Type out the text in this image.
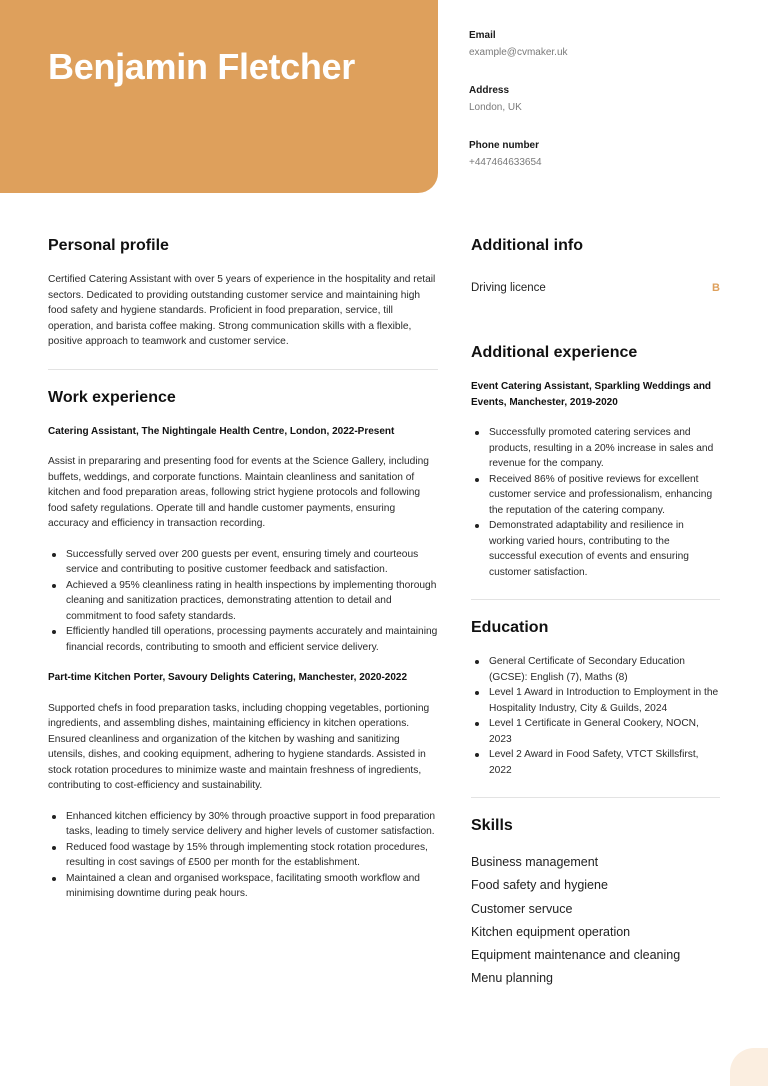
Benjamin Fletcher
Email
example@cvmaker.uk
Address
London, UK
Phone number
+447464633654
Personal profile

Certified Catering Assistant with over 5 years of experience in the hospitality and retail sectors. Dedicated to providing outstanding customer service and maintaining high food safety and hygiene standards. Proficient in food preparation, service, till operation, and barista coffee making. Strong communication skills with a flexible, positive approach to teamwork and customer service.

Work experience
Catering Assistant, The Nightingale Health Centre, London, 2022-Present

Assist in prepararing and presenting food for events at the Science Gallery, including buffets, weddings, and corporate functions. Maintain cleanliness and sanitation of kitchen and food preparation areas, following strict hygiene protocols and following food safety regulations. Operate till and handle customer payments, ensuring accuracy and efficiency in transaction recording.

Successfully served over 200 guests per event, ensuring timely and courteous service and contributing to positive customer feedback and satisfaction.
Achieved a 95% cleanliness rating in health inspections by implementing thorough cleaning and sanitization practices, demonstrating attention to detail and commitment to food safety standards.
Efficiently handled till operations, processing payments accurately and maintaining financial records, contributing to smooth and efficient service delivery.
Part-time Kitchen Porter, Savoury Delights Catering, Manchester, 2020-2022

Supported chefs in food preparation tasks, including chopping vegetables, portioning ingredients, and assembling dishes, maintaining efficiency in kitchen operations. Ensured cleanliness and organization of the kitchen by washing and sanitizing utensils, dishes, and cooking equipment, adhering to hygiene standards. Assisted in stock rotation procedures to minimize waste and maintain freshness of ingredients, contributing to cost-efficiency and sustainability.

Enhanced kitchen efficiency by 30% through proactive support in food preparation tasks, leading to timely service delivery and higher levels of customer satisfaction.
Reduced food wastage by 15% through implementing stock rotation procedures, resulting in cost savings of £500 per month for the establishment.
Maintained a clean and organised workspace, facilitating smooth workflow and minimising downtime during peak hours.
Additional info
Driving licence	B
Additional experience
Event Catering Assistant, Sparkling Weddings and Events, Manchester, 2019-2020
Successfully promoted catering services and products, resulting in a 20% increase in sales and revenue for the company.
Received 86% of positive reviews for excellent customer service and professionalism, enhancing the reputation of the catering company.
Demonstrated adaptability and resilience in working varied hours, contributing to the successful execution of events and ensuring customer satisfaction.
Education
General Certificate of Secondary Education (GCSE): English (7), Maths (8)
Level 1 Award in Introduction to Employment in the Hospitality Industry, City & Guilds, 2024
Level 1 Certificate in General Cookery, NOCN, 2023
Level 2 Award in Food Safety, VTCT Skillsfirst, 2022
Skills
Business management
Food safety and hygiene
Customer servuce
Kitchen equipment operation
Equipment maintenance and cleaning
Menu planning
